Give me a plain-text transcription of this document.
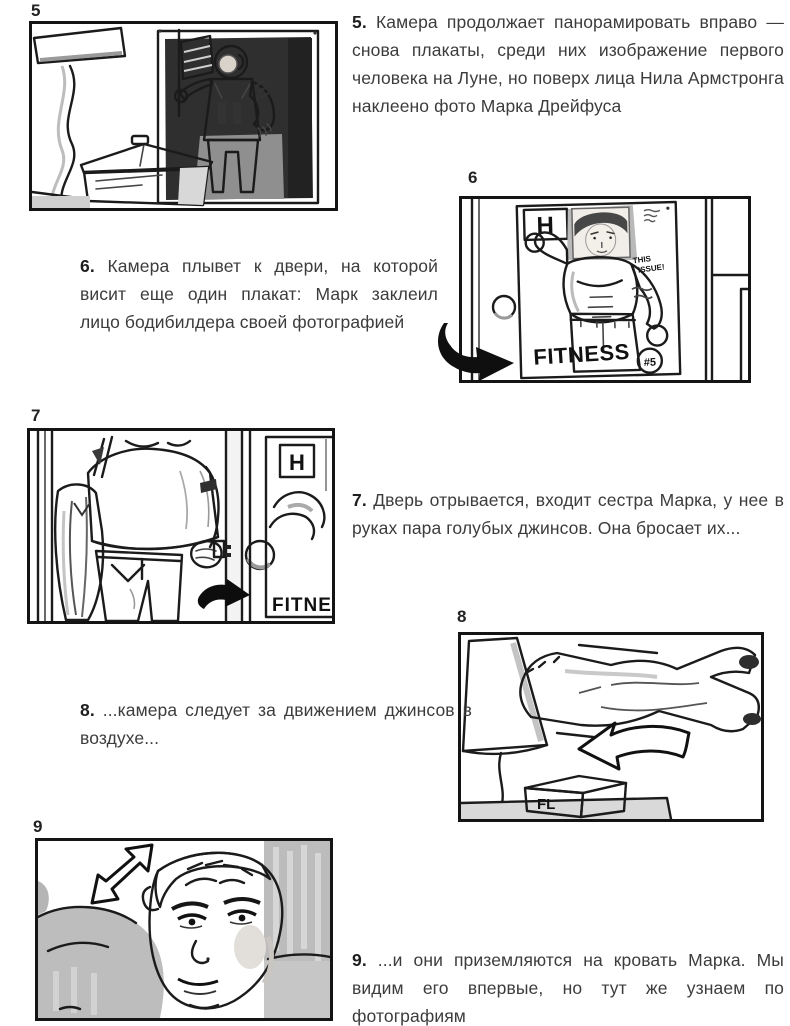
5

5. Камера продолжает панорамировать вправо — снова плакаты, среди них изображение первого человека на Луне, но поверх лица Нила Армстронга наклеено фото Марка Дрейфуса

6
H
FITNESS
THIS
ISSUE!
#5

6. Камера плывет к двери, на которой висит еще один плакат: Марк заклеил лицо бодибилдера своей фотографией

7
H
FITNE

7. Дверь отрывается, входит сестра Марка, у нее в руках пара голубых джинсов. Она бросает их...

8
FL

8. ...камера следует за движением джинсов в воздухе...

9

9. ...и они приземляются на кровать Марка. Мы видим его впервые, но тут же узнаем по фотографиям
